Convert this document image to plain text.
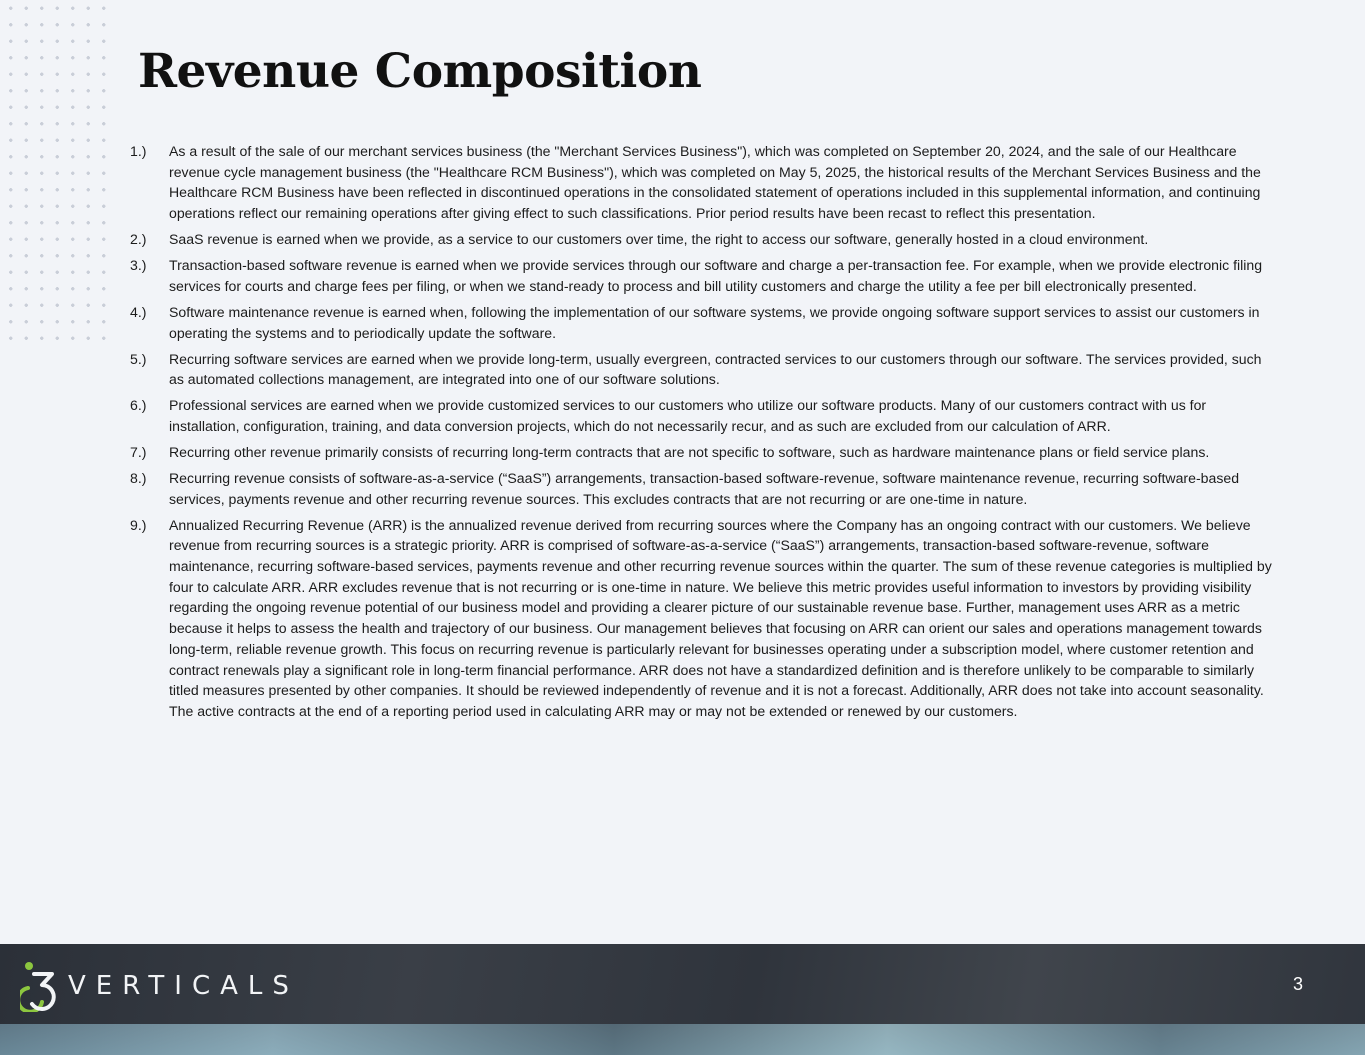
Revenue Composition
1.)	As a result of the sale of our merchant services business (the "Merchant Services Business"), which was completed on September 20, 2024, and the sale of our Healthcare revenue cycle management business (the "Healthcare RCM Business"), which was completed on May 5, 2025, the historical results of the Merchant Services Business and the Healthcare RCM Business have been reflected in discontinued operations in the consolidated statement of operations included in this supplemental information, and continuing operations reflect our remaining operations after giving effect to such classifications. Prior period results have been recast to reflect this presentation.
2.)	SaaS revenue is earned when we provide, as a service to our customers over time, the right to access our software, generally hosted in a cloud environment.
3.)	Transaction-based software revenue is earned when we provide services through our software and charge a per-transaction fee. For example, when we provide electronic filing services for courts and charge fees per filing, or when we stand-ready to process and bill utility customers and charge the utility a fee per bill electronically presented.
4.)	Software maintenance revenue is earned when, following the implementation of our software systems, we provide ongoing software support services to assist our customers in operating the systems and to periodically update the software.
5.)	Recurring software services are earned when we provide long-term, usually evergreen, contracted services to our customers through our software. The services provided, such as automated collections management, are integrated into one of our software solutions.
6.)	Professional services are earned when we provide customized services to our customers who utilize our software products. Many of our customers contract with us for installation, configuration, training, and data conversion projects, which do not necessarily recur, and as such are excluded from our calculation of ARR.
7.)	Recurring other revenue primarily consists of recurring long-term contracts that are not specific to software, such as hardware maintenance plans or field service plans.
8.)	Recurring revenue consists of software-as-a-service (“SaaS”) arrangements, transaction-based software-revenue, software maintenance revenue, recurring software-based services, payments revenue and other recurring revenue sources. This excludes contracts that are not recurring or are one-time in nature.
9.)	Annualized Recurring Revenue (ARR) is the annualized revenue derived from recurring sources where the Company has an ongoing contract with our customers. We believe revenue from recurring sources is a strategic priority. ARR is comprised of software-as-a-service (“SaaS”) arrangements, transaction-based software-revenue, software maintenance, recurring software-based services, payments revenue and other recurring revenue sources within the quarter. The sum of these revenue categories is multiplied by four to calculate ARR. ARR excludes revenue that is not recurring or is one-time in nature. We believe this metric provides useful information to investors by providing visibility regarding the ongoing revenue potential of our business model and providing a clearer picture of our sustainable revenue base. Further, management uses ARR as a metric because it helps to assess the health and trajectory of our business. Our management believes that focusing on ARR can orient our sales and operations management towards long-term, reliable revenue growth. This focus on recurring revenue is particularly relevant for businesses operating under a subscription model, where customer retention and contract renewals play a significant role in long-term financial performance. ARR does not have a standardized definition and is therefore unlikely to be comparable to similarly titled measures presented by other companies. It should be reviewed independently of revenue and it is not a forecast. Additionally, ARR does not take into account seasonality. The active contracts at the end of a reporting period used in calculating ARR may or may not be extended or renewed by our customers.
VERTICALS	3
